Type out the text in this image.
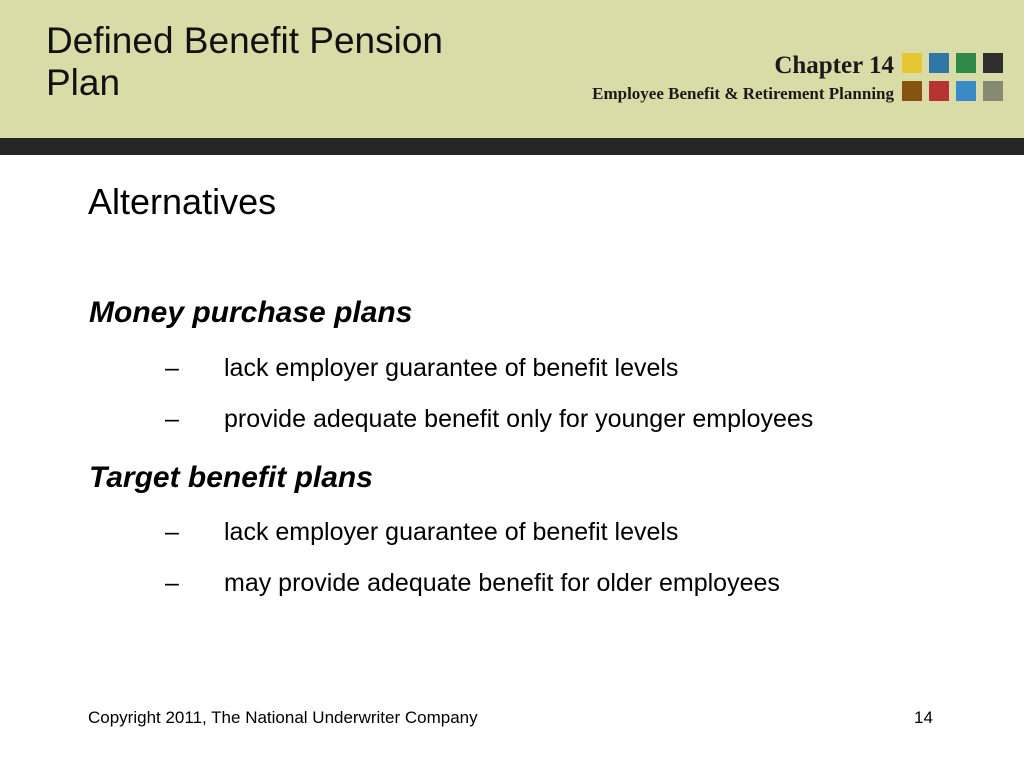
Defined Benefit Pension Plan	Chapter 14
Employee Benefit & Retirement Planning
Alternatives
Money purchase plans
– lack employer guarantee of benefit levels
– provide adequate benefit only for younger employees
Target benefit plans
– lack employer guarantee of benefit levels
– may provide adequate benefit for older employees
Copyright 2011, The National Underwriter Company	14
